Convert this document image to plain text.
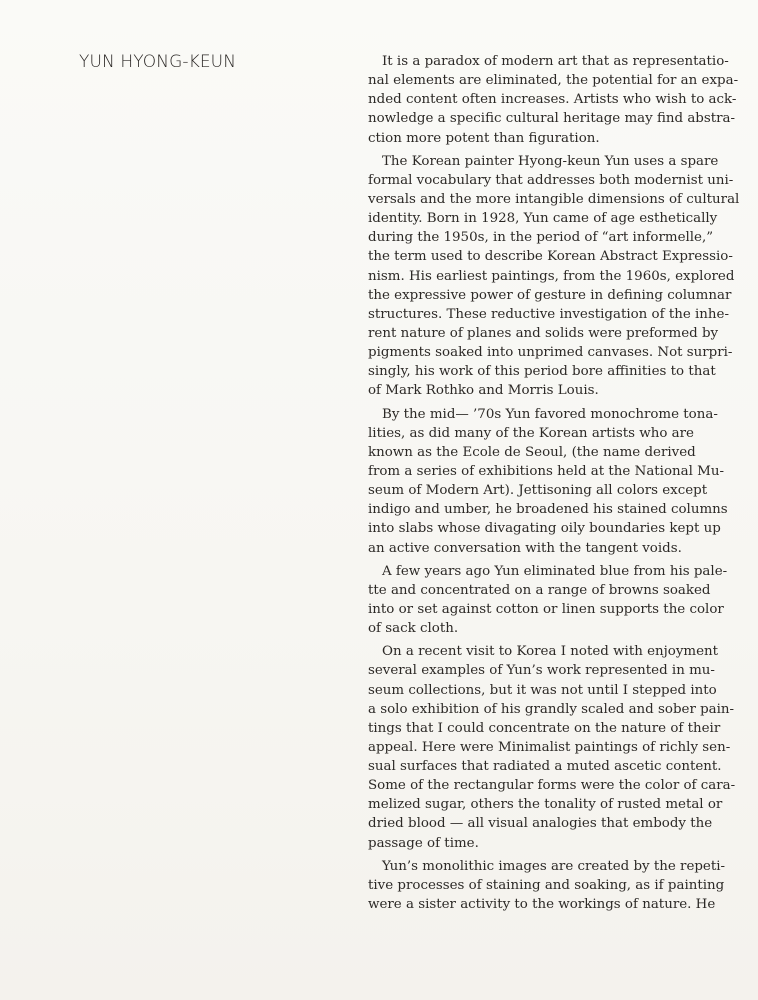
YUN HYONG-KEUN	It is a paradox of modern art that as representatio-
nal elements are eliminated, the potential for an expa-
nded content often increases. Artists who wish to ack-
nowledge a specific cultural heritage may find abstra-
ction more potent than figuration.
The Korean painter Hyong-keun Yun uses a spare
formal vocabulary that addresses both modernist uni-
versals and the more intangible dimensions of cultural
identity. Born in 1928, Yun came of age esthetically
during the 1950s, in the period of “art informelle,”
the term used to describe Korean Abstract Expressio-
nism. His earliest paintings, from the 1960s, explored
the expressive power of gesture in defining columnar
structures. These reductive investigation of the inhe-
rent nature of planes and solids were preformed by
pigments soaked into unprimed canvases. Not surpri-
singly, his work of this period bore affinities to that
of Mark Rothko and Morris Louis.
By the mid— ’70s Yun favored monochrome tona-
lities, as did many of the Korean artists who are
known as the Ecole de Seoul, (the name derived
from a series of exhibitions held at the National Mu-
seum of Modern Art). Jettisoning all colors except
indigo and umber, he broadened his stained columns
into slabs whose divagating oily boundaries kept up
an active conversation with the tangent voids.
A few years ago Yun eliminated blue from his pale-
tte and concentrated on a range of browns soaked
into or set against cotton or linen supports the color
of sack cloth.
On a recent visit to Korea I noted with enjoyment
several examples of Yun’s work represented in mu-
seum collections, but it was not until I stepped into
a solo exhibition of his grandly scaled and sober pain-
tings that I could concentrate on the nature of their
appeal. Here were Minimalist paintings of richly sen-
sual surfaces that radiated a muted ascetic content.
Some of the rectangular forms were the color of cara-
melized sugar, others the tonality of rusted metal or
dried blood — all visual analogies that embody the
passage of time.
Yun’s monolithic images are created by the repeti-
tive processes of staining and soaking, as if painting
were a sister activity to the workings of nature. He
